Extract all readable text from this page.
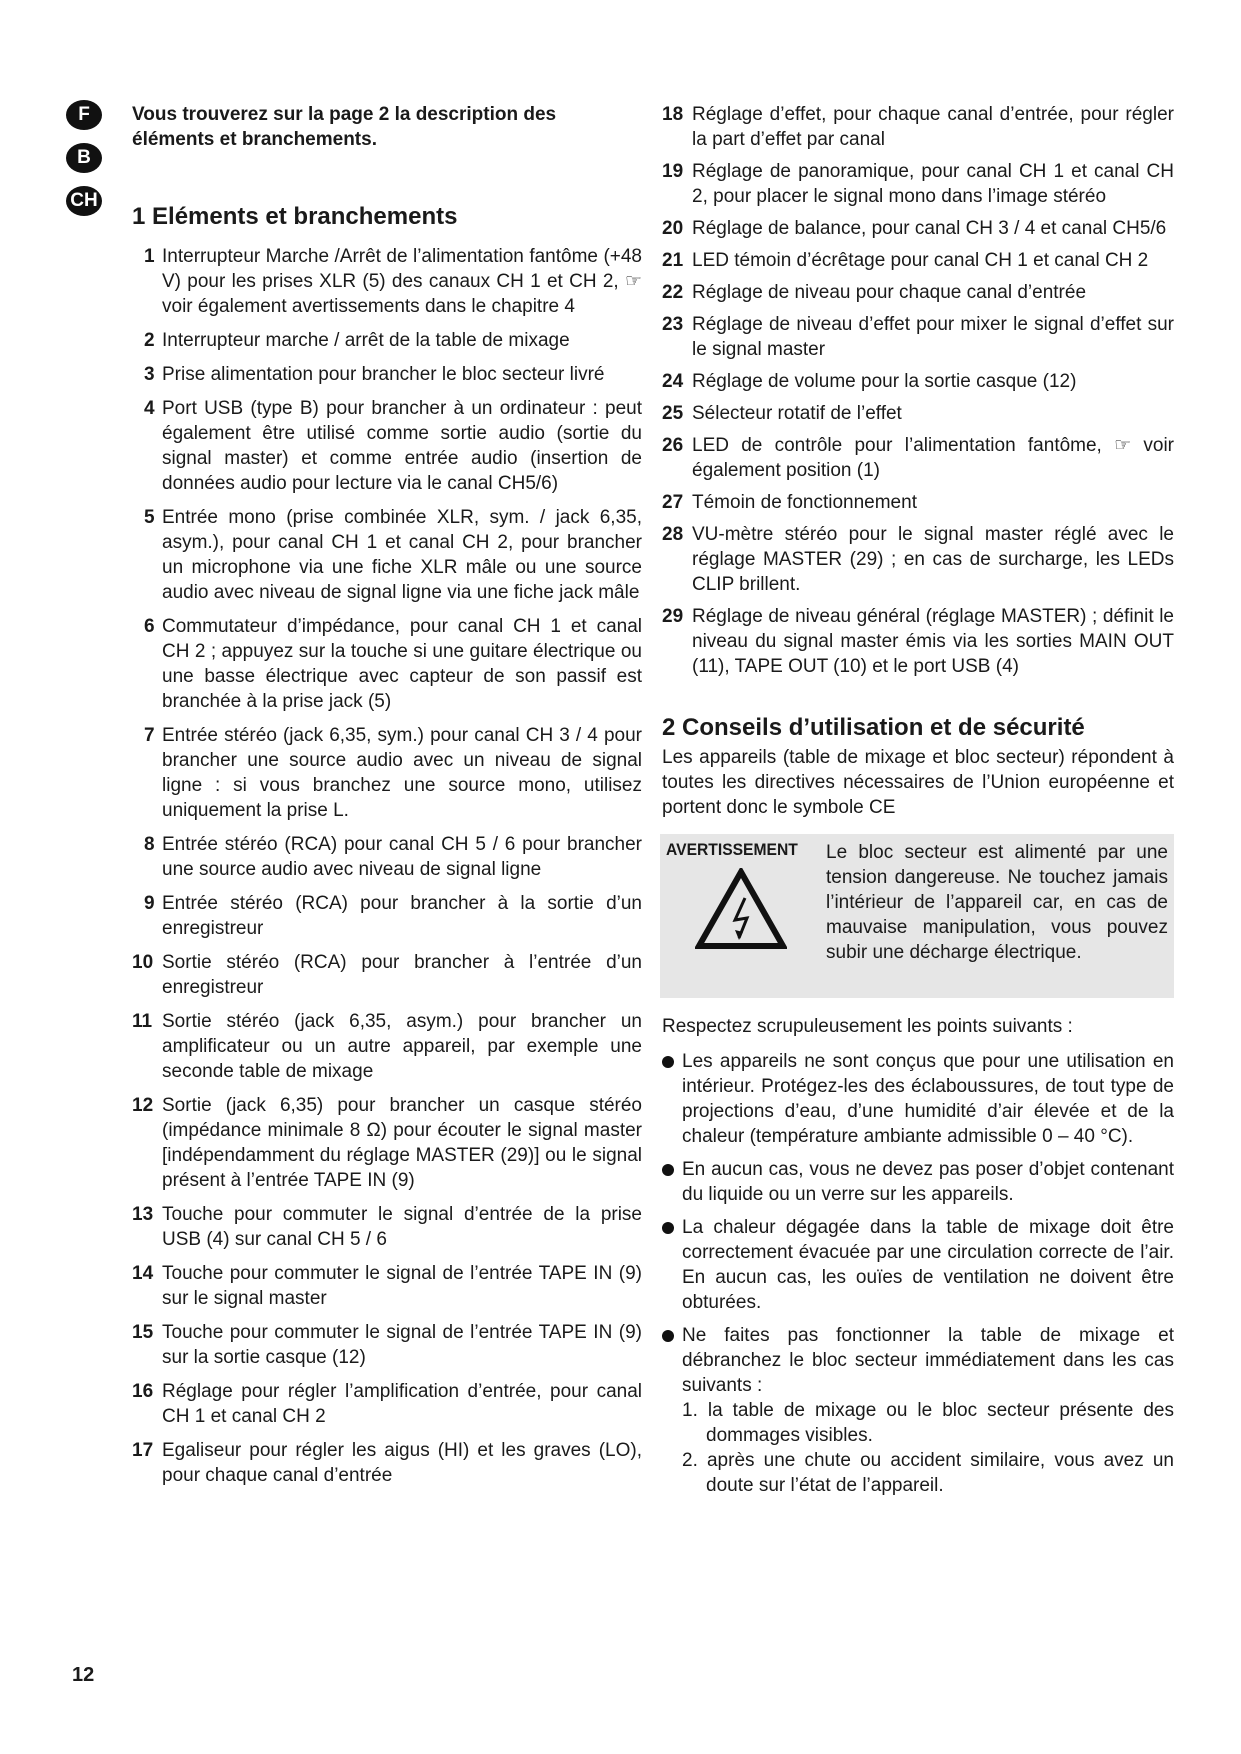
F
B
CH

Vous trouverez sur la page 2 la description des éléments et branchements.

1 Eléments et branchements
1 Interrupteur Marche /Arrêt de l’alimentation fantôme (+48 V) pour les prises XLR (5) des canaux CH 1 et CH 2, ☞ voir également avertissements dans le chapitre 4
2 Interrupteur marche / arrêt de la table de mixage
3 Prise alimentation pour brancher le bloc secteur livré
4 Port USB (type B) pour brancher à un ordinateur : peut également être utilisé comme sortie audio (sortie du signal master) et comme entrée audio (insertion de données audio pour lecture via le canal CH5/6)
5 Entrée mono (prise combinée XLR, sym. / jack 6,35, asym.), pour canal CH 1 et canal CH 2, pour brancher un microphone via une fiche XLR mâle ou une source audio avec niveau de signal ligne via une fiche jack mâle
6 Commutateur d’impédance, pour canal CH 1 et canal CH 2 ; appuyez sur la touche si une guitare électrique ou une basse électrique avec capteur de son passif est branchée à la prise jack (5)
7 Entrée stéréo (jack 6,35, sym.) pour canal CH 3 / 4 pour brancher une source audio avec un niveau de signal ligne : si vous branchez une source mono, utilisez uniquement la prise L.
8 Entrée stéréo (RCA) pour canal CH 5 / 6 pour brancher une source audio avec niveau de signal ligne
9 Entrée stéréo (RCA) pour brancher à la sortie d’un enregistreur
10 Sortie stéréo (RCA) pour brancher à l’entrée d’un enregistreur
11 Sortie stéréo (jack 6,35, asym.) pour brancher un amplificateur ou un autre appareil, par exemple une seconde table de mixage
12 Sortie (jack 6,35) pour brancher un casque stéréo (impédance minimale 8 Ω) pour écouter le signal master [indépendamment du réglage MASTER (29)] ou le signal présent à l’entrée TAPE IN (9)
13 Touche pour commuter le signal d’entrée de la prise USB (4) sur canal CH 5 / 6
14 Touche pour commuter le signal de l’entrée TAPE IN (9) sur le signal master
15 Touche pour commuter le signal de l’entrée TAPE IN (9) sur la sortie casque (12)
16 Réglage pour régler l’amplification d’entrée, pour canal CH 1 et canal CH 2
17 Egaliseur pour régler les aigus (HI) et les graves (LO), pour chaque canal d’entrée
18 Réglage d’effet, pour chaque canal d’entrée, pour régler la part d’effet par canal
19 Réglage de panoramique, pour canal CH 1 et canal CH 2, pour placer le signal mono dans l’image stéréo
20 Réglage de balance, pour canal CH 3 / 4 et canal CH5/6
21 LED témoin d’écrêtage pour canal CH 1 et canal CH 2
22 Réglage de niveau pour chaque canal d’entrée
23 Réglage de niveau d’effet pour mixer le signal d’effet sur le signal master
24 Réglage de volume pour la sortie casque (12)
25 Sélecteur rotatif de l’effet
26 LED de contrôle pour l’alimentation fantôme, ☞ voir également position (1)
27 Témoin de fonctionnement
28 VU-mètre stéréo pour le signal master réglé avec le réglage MASTER (29) ; en cas de surcharge, les LEDs CLIP brillent.
29 Réglage de niveau général (réglage MASTER) ; définit le niveau du signal master émis via les sorties MAIN OUT (11), TAPE OUT (10) et le port USB (4)
2 Conseils d’utilisation et de sécurité

Les appareils (table de mixage et bloc secteur) répondent à toutes les directives nécessaires de l’Union européenne et portent donc le symbole CE

AVERTISSEMENT	Le bloc secteur est alimenté par une tension dangereuse. Ne touchez jamais l’intérieur de l’appareil car, en cas de mauvaise manipulation, vous pouvez subir une décharge électrique.

Respectez scrupuleusement les points suivants :

Les appareils ne sont conçus que pour une utilisation en intérieur. Protégez-les des éclaboussures, de tout type de projections d’eau, d’une humidité d’air élevée et de la chaleur (température ambiante admissible 0 – 40 °C).
En aucun cas, vous ne devez pas poser d’objet contenant du liquide ou un verre sur les appareils.
La chaleur dégagée dans la table de mixage doit être correctement évacuée par une circulation correcte de l’air. En aucun cas, les ouïes de ventilation ne doivent être obturées.
Ne faites pas fonctionner la table de mixage et débranchez le bloc secteur immédiatement dans les cas suivants :
1. la table de mixage ou le bloc secteur présente des dommages visibles.
2. après une chute ou accident similaire, vous avez un doute sur l’état de l’appareil.
12
